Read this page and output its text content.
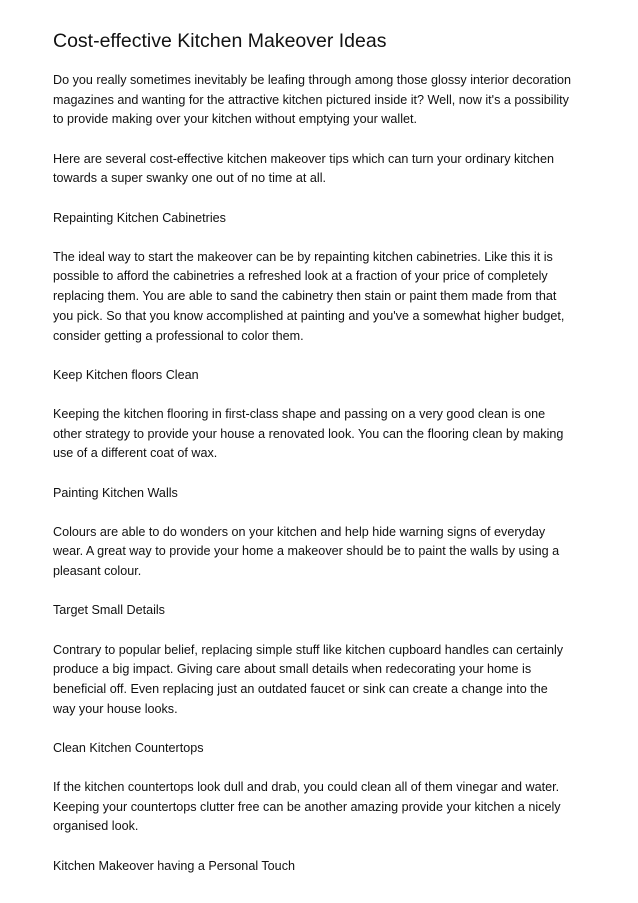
Cost-effective Kitchen Makeover Ideas

Do you really sometimes inevitably be leafing through among those glossy interior decoration
magazines and wanting for the attractive kitchen pictured inside it? Well, now it's a possibility
to provide making over your kitchen without emptying your wallet.

Here are several cost-effective kitchen makeover tips which can turn your ordinary kitchen
towards a super swanky one out of no time at all.

Repainting Kitchen Cabinetries

The ideal way to start the makeover can be by repainting kitchen cabinetries. Like this it is
possible to afford the cabinetries a refreshed look at a fraction of your price of completely
replacing them. You are able to sand the cabinetry then stain or paint them made from that
you pick. So that you know accomplished at painting and you've a somewhat higher budget,
consider getting a professional to color them.

Keep Kitchen floors Clean

Keeping the kitchen flooring in first-class shape and passing on a very good clean is one
other strategy to provide your house a renovated look. You can the flooring clean by making
use of a different coat of wax.

Painting Kitchen Walls

Colours are able to do wonders on your kitchen and help hide warning signs of everyday
wear. A great way to provide your home a makeover should be to paint the walls by using a
pleasant colour.

Target Small Details

Contrary to popular belief, replacing simple stuff like kitchen cupboard handles can certainly
produce a big impact. Giving care about small details when redecorating your home is
beneficial off. Even replacing just an outdated faucet or sink can create a change into the
way your house looks.

Clean Kitchen Countertops

If the kitchen countertops look dull and drab, you could clean all of them vinegar and water.
Keeping your countertops clutter free can be another amazing provide your kitchen a nicely
organised look.

Kitchen Makeover having a Personal Touch
